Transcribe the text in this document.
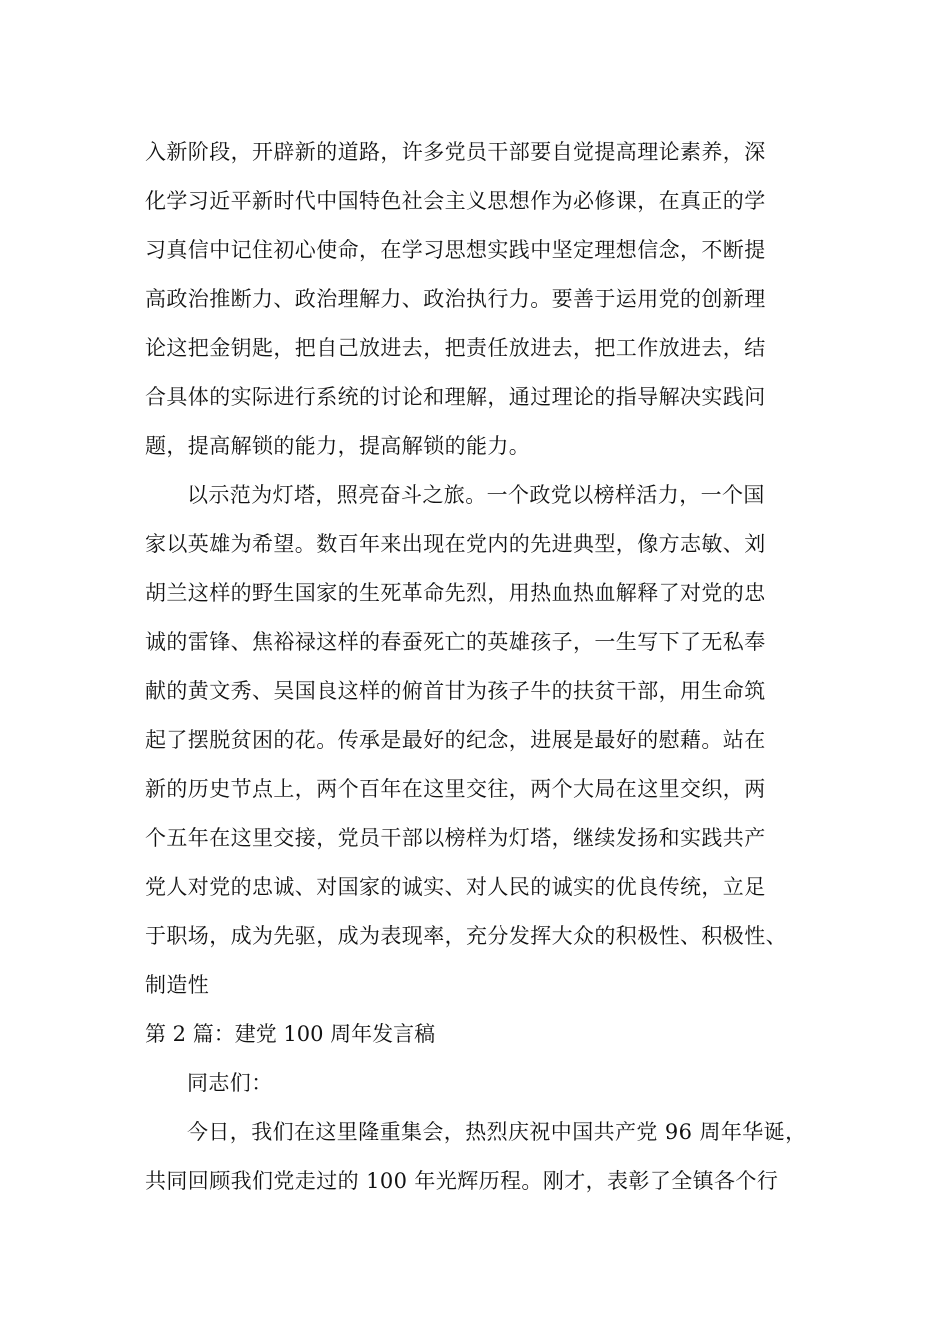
入新阶段，开辟新的道路，许多党员干部要自觉提高理论素养，深
化学习近平新时代中国特色社会主义思想作为必修课，在真正的学
习真信中记住初心使命，在学习思想实践中坚定理想信念，不断提
高政治推断力、政治理解力、政治执行力。要善于运用党的创新理
论这把金钥匙，把自己放进去，把责任放进去，把工作放进去，结
合具体的实际进行系统的讨论和理解，通过理论的指导解决实践问
题，提高解锁的能力，提高解锁的能力。
以示范为灯塔，照亮奋斗之旅。一个政党以榜样活力，一个国
家以英雄为希望。数百年来出现在党内的先进典型，像方志敏、刘
胡兰这样的野生国家的生死革命先烈，用热血热血解释了对党的忠
诚的雷锋、焦裕禄这样的春蚕死亡的英雄孩子，一生写下了无私奉
献的黄文秀、吴国良这样的俯首甘为孩子牛的扶贫干部，用生命筑
起了摆脱贫困的花。传承是最好的纪念，进展是最好的慰藉。站在
新的历史节点上，两个百年在这里交往，两个大局在这里交织，两
个五年在这里交接，党员干部以榜样为灯塔，继续发扬和实践共产
党人对党的忠诚、对国家的诚实、对人民的诚实的优良传统，立足
于职场，成为先驱，成为表现率，充分发挥大众的积极性、积极性、
制造性
第 2 篇：建党 100 周年发言稿
同志们：
今日，我们在这里隆重集会，热烈庆祝中国共产党 96 周年华诞，
共同回顾我们党走过的 100 年光辉历程。刚才，表彰了全镇各个行
